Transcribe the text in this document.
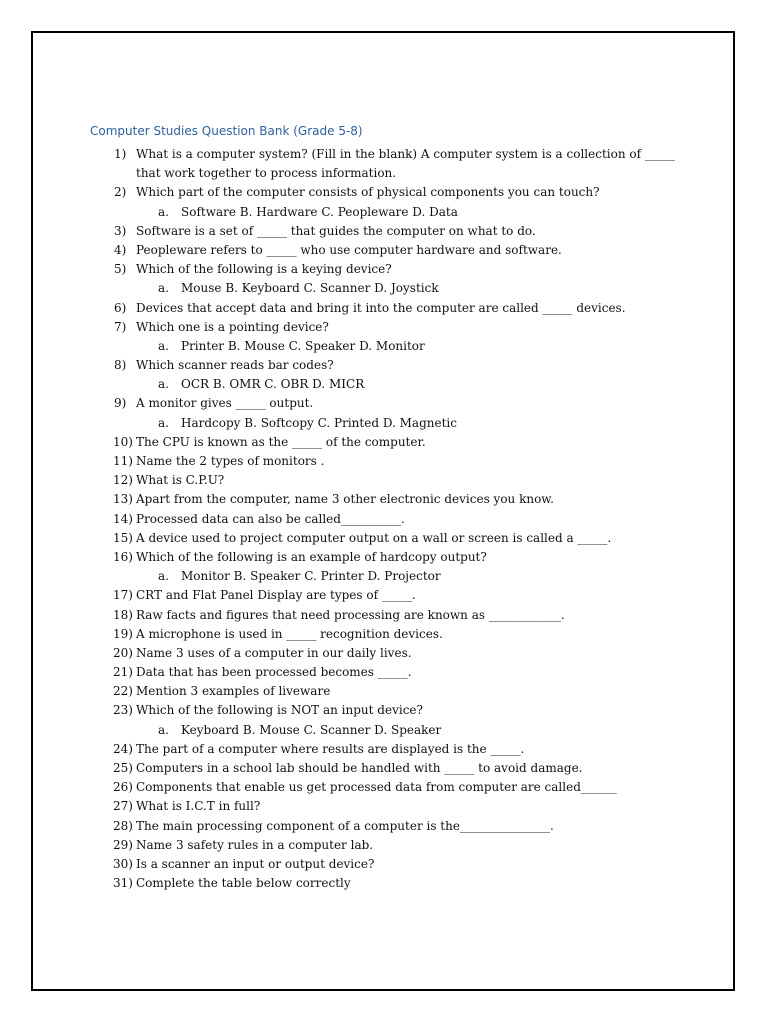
Computer Studies Question Bank (Grade 5-8)
1) What is a computer system? (Fill in the blank) A computer system is a collection of _____
that work together to process information.
2) Which part of the computer consists of physical components you can touch?
a. Software B. Hardware C. Peopleware D. Data
3) Software is a set of _____ that guides the computer on what to do.
4) Peopleware refers to _____ who use computer hardware and software.
5) Which of the following is a keying device?
a. Mouse B. Keyboard C. Scanner D. Joystick
6) Devices that accept data and bring it into the computer are called _____ devices.
7) Which one is a pointing device?
a. Printer B. Mouse C. Speaker D. Monitor
8) Which scanner reads bar codes?
a. OCR B. OMR C. OBR D. MICR
9) A monitor gives _____ output.
a. Hardcopy B. Softcopy C. Printed D. Magnetic
10) The CPU is known as the _____ of the computer.
11) Name the 2 types of monitors .
12) What is C.P.U?
13) Apart from the computer, name 3 other electronic devices you know.
14) Processed data can also be called__________.
15) A device used to project computer output on a wall or screen is called a _____.
16) Which of the following is an example of hardcopy output?
a. Monitor B. Speaker C. Printer D. Projector
17) CRT and Flat Panel Display are types of _____.
18) Raw facts and figures that need processing are known as ____________.
19) A microphone is used in _____ recognition devices.
20) Name 3 uses of a computer in our daily lives.
21) Data that has been processed becomes _____.
22) Mention 3 examples of liveware
23) Which of the following is NOT an input device?
a. Keyboard B. Mouse C. Scanner D. Speaker
24) The part of a computer where results are displayed is the _____.
25) Computers in a school lab should be handled with _____ to avoid damage.
26) Components that enable us get processed data from computer are called______
27) What is I.C.T in full?
28) The main processing component of a computer is the_______________.
29) Name 3 safety rules in a computer lab.
30) Is a scanner an input or output device?
31) Complete the table below correctly
